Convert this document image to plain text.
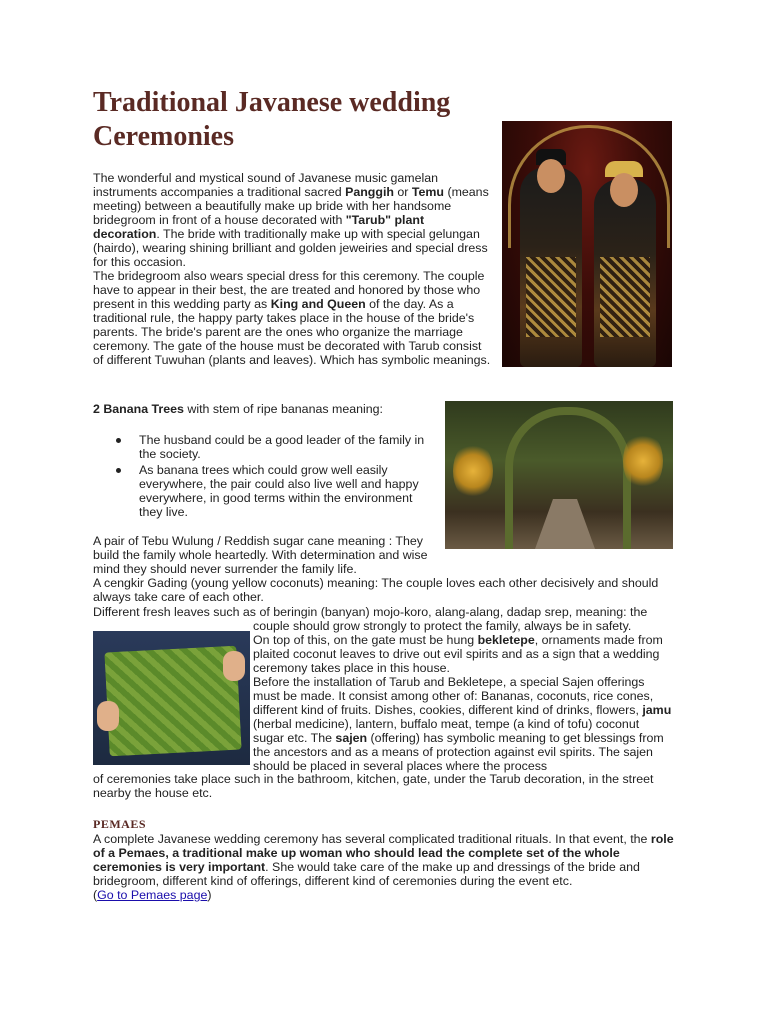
Traditional Javanese wedding Ceremonies

The wonderful and mystical sound of Javanese music gamelan instruments accompanies a traditional sacred Panggih or Temu (means meeting) between a beautifully make up bride with her handsome bridegroom in front of a house decorated with "Tarub" plant decoration. The bride with traditionally make up with special gelungan (hairdo), wearing shining brilliant and golden jeweiries and special dress for this occasion.
The bridegroom also wears special dress for this ceremony. The couple have to appear in their best, the are treated and honored by those who present in this wedding party as King and Queen of the day. As a traditional rule, the happy party takes place in the house of the bride's parents. The bride's parent are the ones who organize the marriage ceremony. The gate of the house must be decorated with Tarub consist of different Tuwuhan (plants and leaves). Which has symbolic meanings.

2 Banana Trees with stem of ripe bananas meaning:

The husband could be a good leader of the family in the society.
As banana trees which could grow well easily everywhere, the pair could also live well and happy everywhere, in good terms within the environment they live.

A pair of Tebu Wulung / Reddish sugar cane meaning : They build the family whole heartedly. With determination and wise mind they should never surrender the family life.

A cengkir Gading (young yellow coconuts) meaning: The couple loves each other decisively and should always take care of each other.

Different fresh leaves such as of beringin (banyan) mojo-koro, alang-alang, dadap srep, meaning: the

couple should grow strongly to protect the family, always be in safety.
On top of this, on the gate must be hung bekletepe, ornaments made from plaited coconut leaves to drive out evil spirits and as a sign that a wedding ceremony takes place in this house.
Before the installation of Tarub and Bekletepe, a special Sajen offerings must be made. It consist among other of: Bananas, coconuts, rice cones, different kind of fruits. Dishes, cookies, different kind of drinks, flowers, jamu (herbal medicine), lantern, buffalo meat, tempe (a kind of tofu) coconut sugar etc. The sajen (offering) has symbolic meaning to get blessings from the ancestors and as a means of protection against evil spirits. The sajen should be placed in several places where the process

of ceremonies take place such in the bathroom, kitchen, gate, under the Tarub decoration, in the street nearby the house etc.

PEMAES

A complete Javanese wedding ceremony has several complicated traditional rituals. In that event, the role of a Pemaes, a traditional make up woman who should lead the complete set of the whole ceremonies is very important. She would take care of the make up and dressings of the bride and bridegroom, different kind of offerings, different kind of ceremonies during the event etc.
(Go to Pemaes page)
